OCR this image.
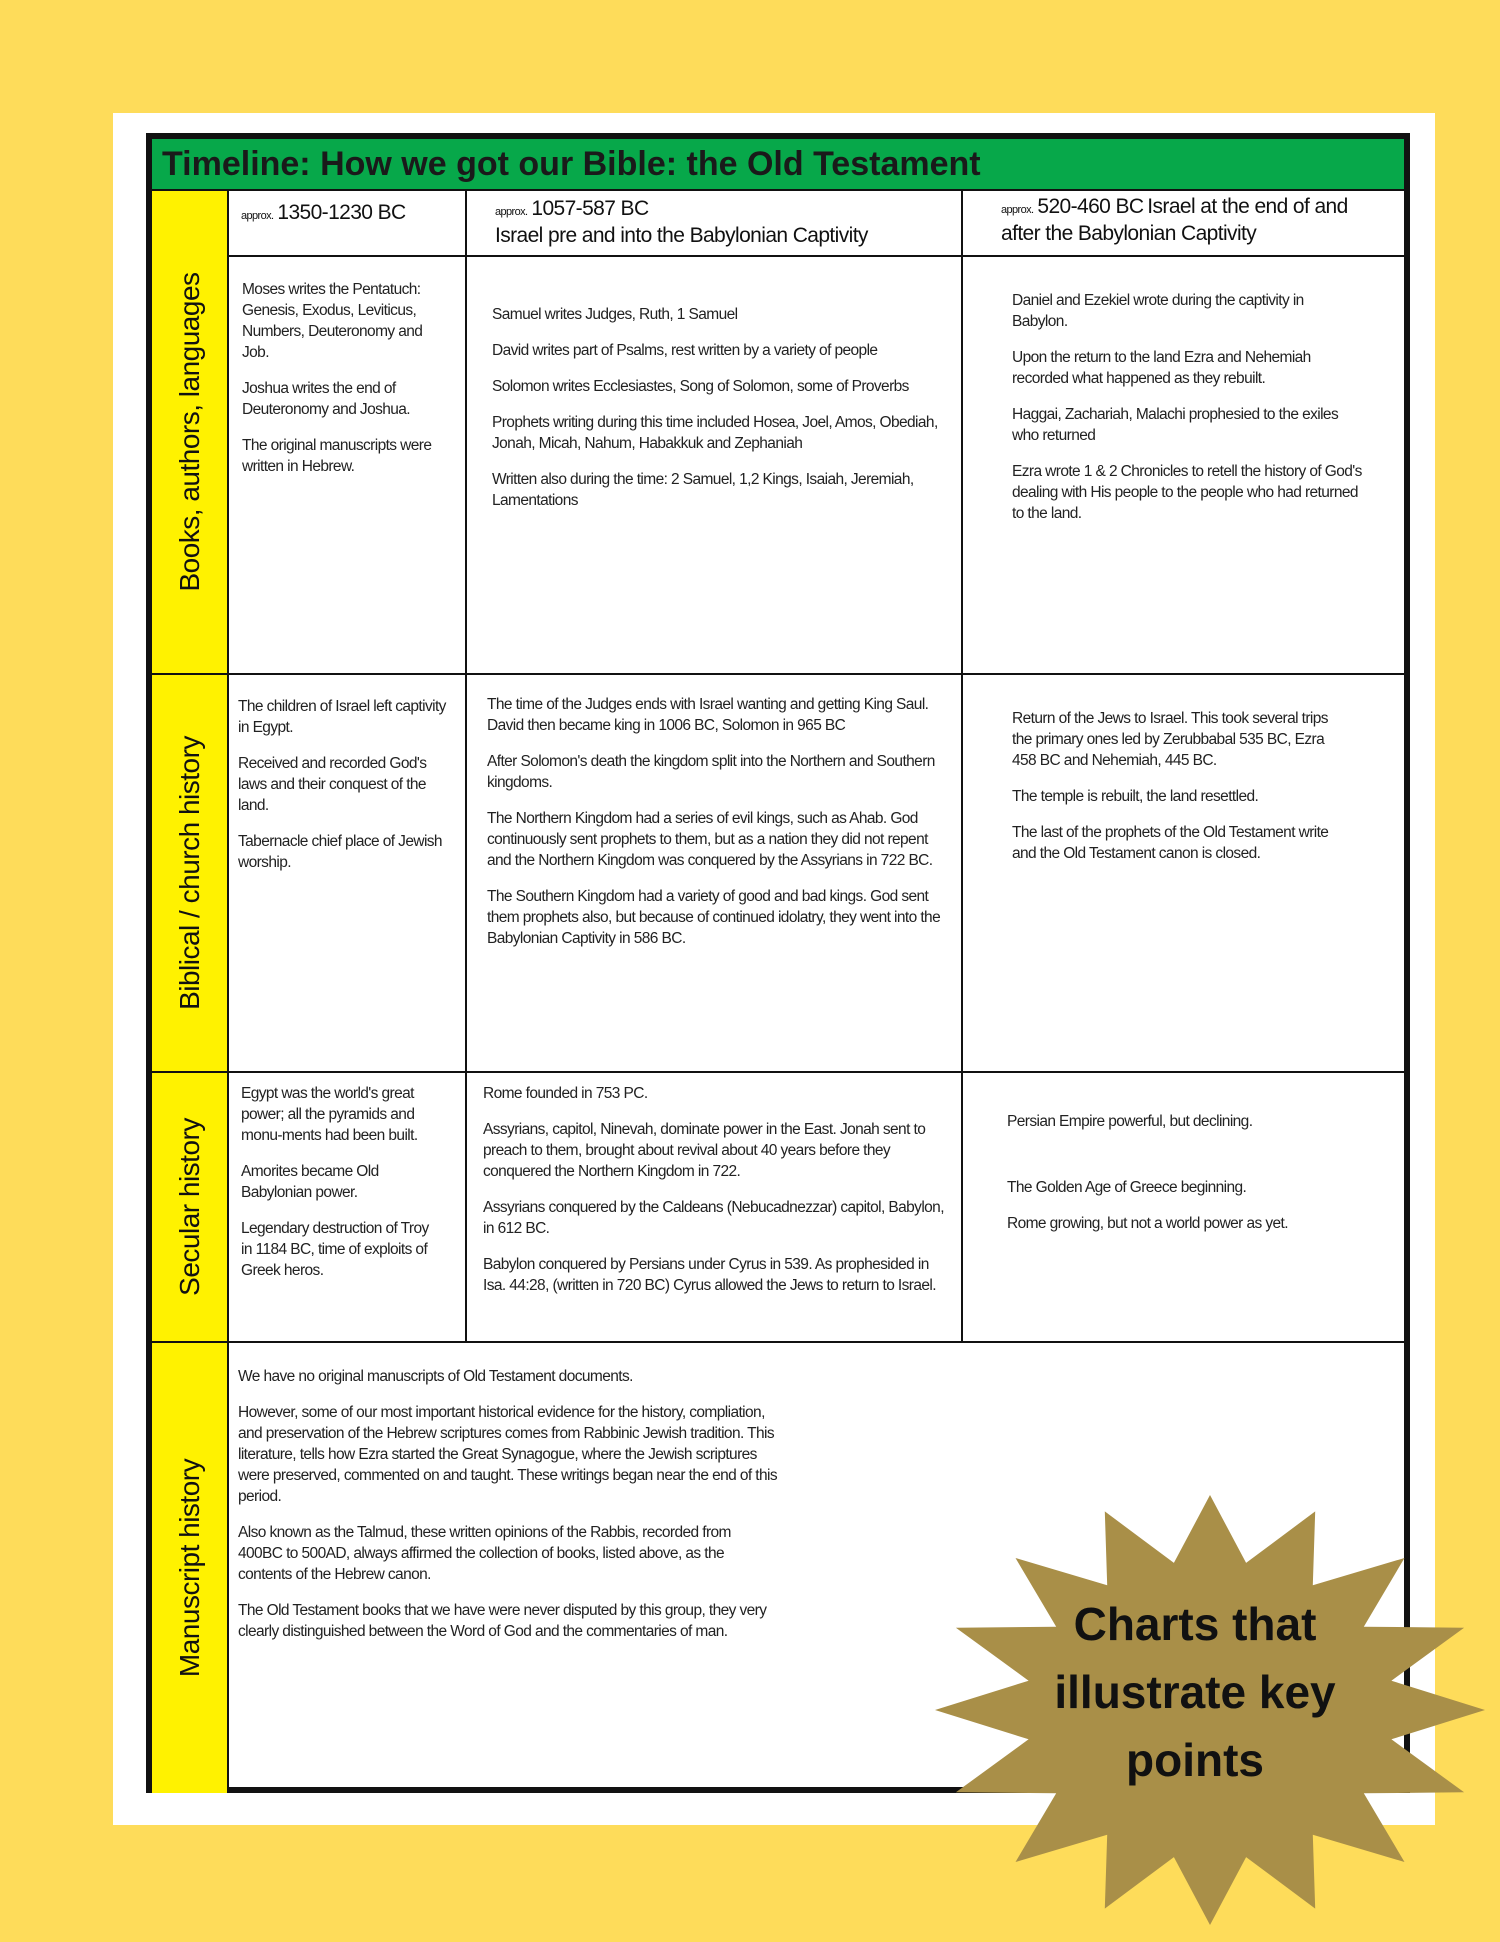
Timeline: How we got our Bible: the Old Testament
approx. 1350-1230 BC	approx. 1057-587 BC
Israel pre and into the Babylonian Captivity
approx. 520-460 BC Israel at the end of and
after the Babylonian Captivity
Books, authors, languages
Biblical / church history
Secular history
Manuscript history

Moses writes the Pentatuch: Genesis, Exodus, Leviticus, Numbers, Deuteronomy and Job.

Joshua writes the end of Deuteronomy and Joshua.

The original manuscripts were written in Hebrew.

Samuel writes Judges, Ruth, 1 Samuel

David writes part of Psalms, rest written by a variety of people

Solomon writes Ecclesiastes, Song of Solomon, some of Proverbs

Prophets writing during this time included Hosea, Joel, Amos, Obediah, Jonah, Micah, Nahum, Habakkuk and Zephaniah

Written also during the time: 2 Samuel, 1,2 Kings, Isaiah, Jeremiah, Lamentations

Daniel and Ezekiel wrote during the captivity in Babylon.

Upon the return to the land Ezra and Nehemiah recorded what happened as they rebuilt.

Haggai, Zachariah, Malachi prophesied to the exiles who returned

Ezra wrote 1 & 2 Chronicles to retell the history of God's dealing with His people to the people who had returned to the land.

The children of Israel left captivity in Egypt.

Received and recorded God's laws and their conquest of the land.

Tabernacle chief place of Jewish worship.

The time of the Judges ends with Israel wanting and getting King Saul. David then became king in 1006 BC, Solomon in 965 BC

After Solomon's death the kingdom split into the Northern and Southern kingdoms.

The Northern Kingdom had a series of evil kings, such as Ahab. God continuously sent prophets to them, but as a nation they did not repent and the Northern Kingdom was conquered by the Assyrians in 722 BC.

The Southern Kingdom had a variety of good and bad kings. God sent them prophets also, but because of continued idolatry, they went into the Babylonian Captivity in 586 BC.

Return of the Jews to Israel. This took several trips the primary ones led by Zerubbabal 535 BC, Ezra 458 BC and Nehemiah, 445 BC.

The temple is rebuilt, the land resettled.

The last of the prophets of the Old Testament write and the Old Testament canon is closed.

Egypt was the world's great power; all the pyramids and monu-ments had been built.

Amorites became Old Babylonian power.

Legendary destruction of Troy in 1184 BC, time of exploits of Greek heros.

Rome founded in 753 PC.

Assyrians, capitol, Ninevah, dominate power in the East. Jonah sent to preach to them, brought about revival about 40 years before they conquered the Northern Kingdom in 722.

Assyrians conquered by the Caldeans (Nebucadnezzar) capitol, Babylon, in 612 BC.

Babylon conquered by Persians under Cyrus in 539. As prophesided in Isa. 44:28, (written in 720 BC) Cyrus allowed the Jews to return to Israel.

Persian Empire powerful, but declining.

The Golden Age of Greece beginning.

Rome growing, but not a world power as yet.

We have no original manuscripts of Old Testament documents.

However, some of our most important historical evidence for the history, compliation, and preservation of the Hebrew scriptures comes from Rabbinic Jewish tradition. This literature, tells how Ezra started the Great Synagogue, where the Jewish scriptures were preserved, commented on and taught. These writings began near the end of this period.

Also known as the Talmud, these written opinions of the Rabbis, recorded from 400BC to 500AD, always affirmed the collection of books, listed above, as the contents of the Hebrew canon.

The Old Testament books that we have were never disputed by this group, they very clearly distinguished between the Word of God and the commentaries of man.	Charts that illustrate key points
